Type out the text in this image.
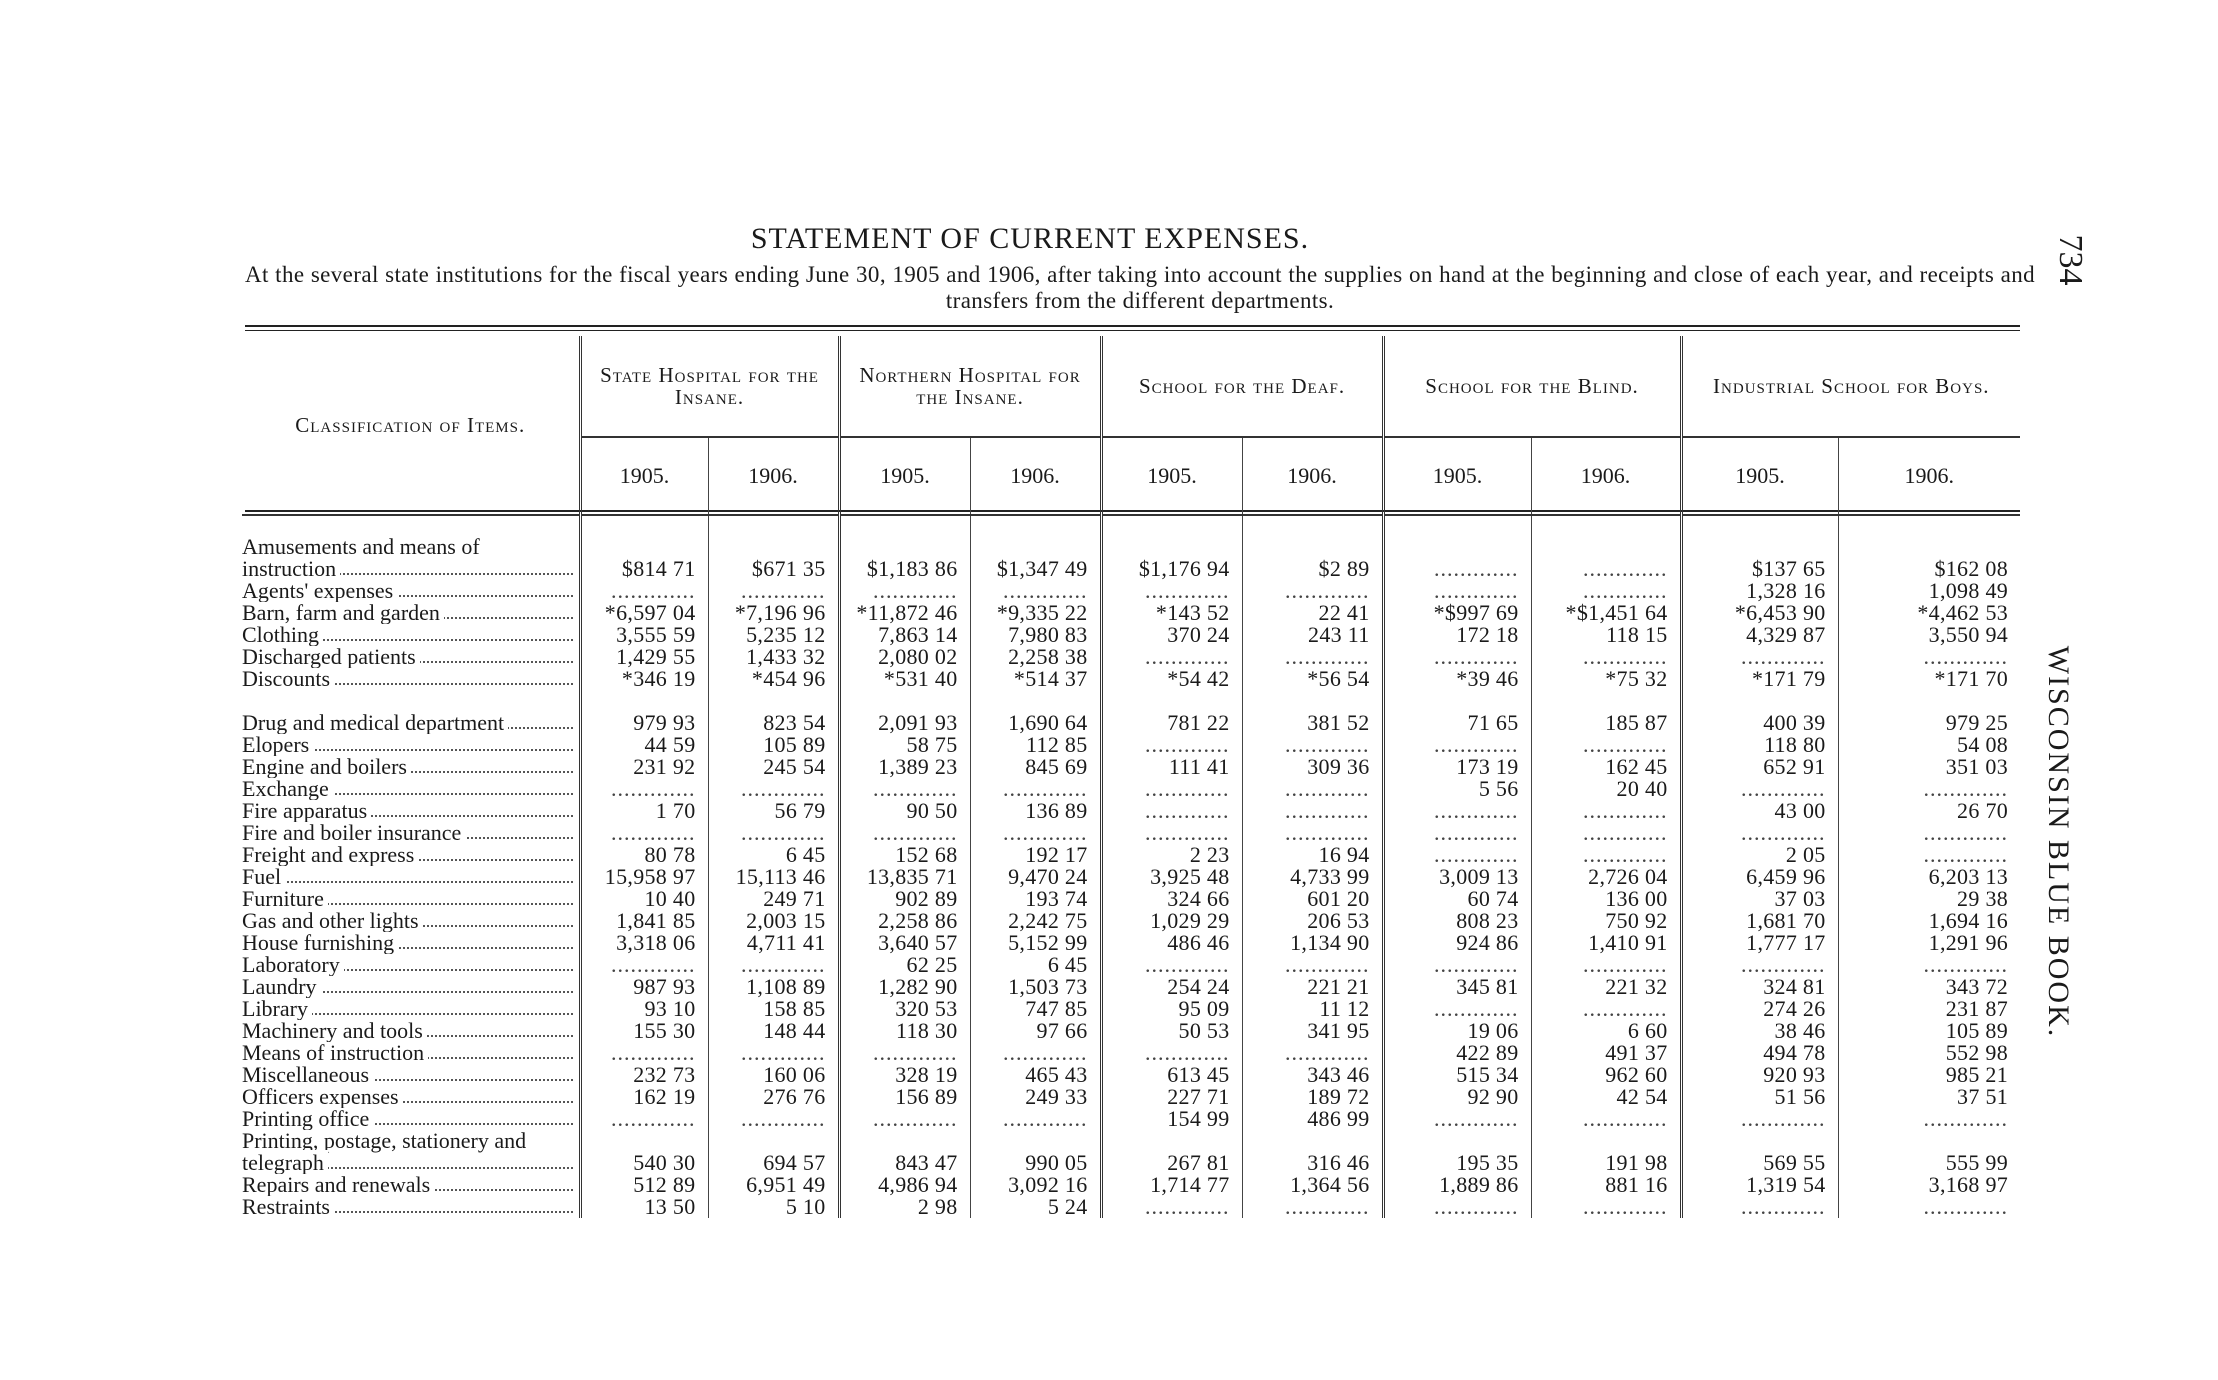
STATEMENT OF CURRENT EXPENSES.
At the several state institutions for the fiscal years ending June 30, 1905 and 1906, after taking into account the supplies on hand at the beginning and close of each year, and receipts and transfers from the different departments.
734
WISCONSIN BLUE BOOK.
Classification of Items.	State Hospital for the Insane.		Northern Hospital for the Insane.		School for the Deaf.		School for the Blind.		Industrial School for Boys.	
	1905.	1906.	1905.	1906.	1905.	1906.	1905.	1906.	1905.	1906.

Amusements and means of instruction	$814 71	$671 35	$1,183 86	$1,347 49	$1,176 94	$2 89	.............	.............	$137 65	$162 08
Agents' expenses	.............	.............	.............	.............	.............	.............	.............	.............	1,328 16	1,098 49
Barn, farm and garden	*6,597 04	*7,196 96	*11,872 46	*9,335 22	*143 52	22 41	*$997 69	*$1,451 64	*6,453 90	*4,462 53
Clothing	3,555 59	5,235 12	7,863 14	7,980 83	370 24	243 11	172 18	118 15	4,329 87	3,550 94
Discharged patients	1,429 55	1,433 32	2,080 02	2,258 38	.............	.............	.............	.............	.............	.............
Discounts	*346 19	*454 96	*531 40	*514 37	*54 42	*56 54	*39 46	*75 32	*171 79	*171 70
Drug and medical department	979 93	823 54	2,091 93	1,690 64	781 22	381 52	71 65	185 87	400 39	979 25
Elopers	44 59	105 89	58 75	112 85	.............	.............	.............	.............	118 80	54 08
Engine and boilers	231 92	245 54	1,389 23	845 69	111 41	309 36	173 19	162 45	652 91	351 03
Exchange	.............	.............	.............	.............	.............	.............	5 56	20 40	.............	.............
Fire apparatus	1 70	56 79	90 50	136 89	.............	.............	.............	.............	43 00	26 70
Fire and boiler insurance	.............	.............	.............	.............	.............	.............	.............	.............	.............	.............
Freight and express	80 78	6 45	152 68	192 17	2 23	16 94	.............	.............	2 05	.............
Fuel	15,958 97	15,113 46	13,835 71	9,470 24	3,925 48	4,733 99	3,009 13	2,726 04	6,459 96	6,203 13
Furniture	10 40	249 71	902 89	193 74	324 66	601 20	60 74	136 00	37 03	29 38
Gas and other lights	1,841 85	2,003 15	2,258 86	2,242 75	1,029 29	206 53	808 23	750 92	1,681 70	1,694 16
House furnishing	3,318 06	4,711 41	3,640 57	5,152 99	486 46	1,134 90	924 86	1,410 91	1,777 17	1,291 96
Laboratory	.............	.............	62 25	6 45	.............	.............	.............	.............	.............	.............
Laundry	987 93	1,108 89	1,282 90	1,503 73	254 24	221 21	345 81	221 32	324 81	343 72
Library	93 10	158 85	320 53	747 85	95 09	11 12	.............	.............	274 26	231 87
Machinery and tools	155 30	148 44	118 30	97 66	50 53	341 95	19 06	6 60	38 46	105 89
Means of instruction	.............	.............	.............	.............	.............	.............	422 89	491 37	494 78	552 98
Miscellaneous	232 73	160 06	328 19	465 43	613 45	343 46	515 34	962 60	920 93	985 21
Officers expenses	162 19	276 76	156 89	249 33	227 71	189 72	92 90	42 54	51 56	37 51
Printing office	.............	.............	.............	.............	154 99	486 99	.............	.............	.............	.............
Printing, postage, stationery and telegraph	540 30	694 57	843 47	990 05	267 81	316 46	195 35	191 98	569 55	555 99
Repairs and renewals	512 89	6,951 49	4,986 94	3,092 16	1,714 77	1,364 56	1,889 86	881 16	1,319 54	3,168 97
Restraints	13 50	5 10	2 98	5 24	.............	.............	.............	.............	.............	.............
